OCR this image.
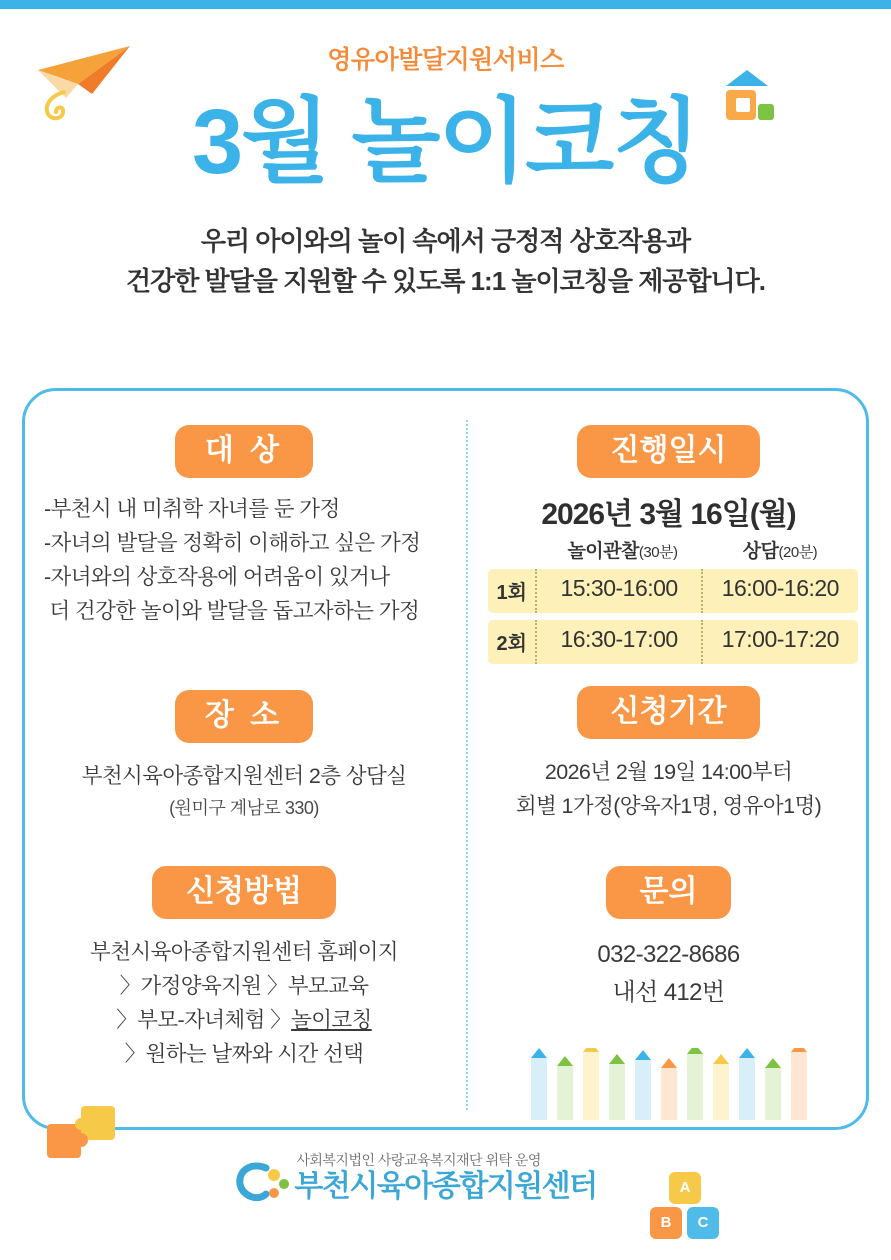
영유아발달지원서비스
3월 놀이코칭
우리 아이와의 놀이 속에서 긍정적 상호작용과
건강한 발달을 지원할 수 있도록 1:1 놀이코칭을 제공합니다.
대 상
-부천시 내 미취학 자녀를 둔 가정
-자녀의 발달을 정확히 이해하고 싶은 가정
-자녀와의 상호작용에 어려움이 있거나
더 건강한 놀이와 발달을 돕고자하는 가정
장 소
부천시육아종합지원센터 2층 상담실
(원미구 계남로 330)
신청방법
부천시육아종합지원센터 홈페이지
〉가정양육지원 〉부모교육
〉부모-자녀체험 〉놀이코칭
〉원하는 날짜와 시간 선택
진행일시
2026년 3월 16일(월)
놀이관찰(30분)	상담(20분)
1회	15:30-16:00	16:00-16:20
2회	16:30-17:00	17:00-17:20
신청기간
2026년 2월 19일 14:00부터
회별 1가정(양육자1명, 영유아1명)
문의
032-322-8686
내선 412번
사회복지법인 사랑교육복지재단 위탁 운영
부천시육아종합지원센터	A
B	C
